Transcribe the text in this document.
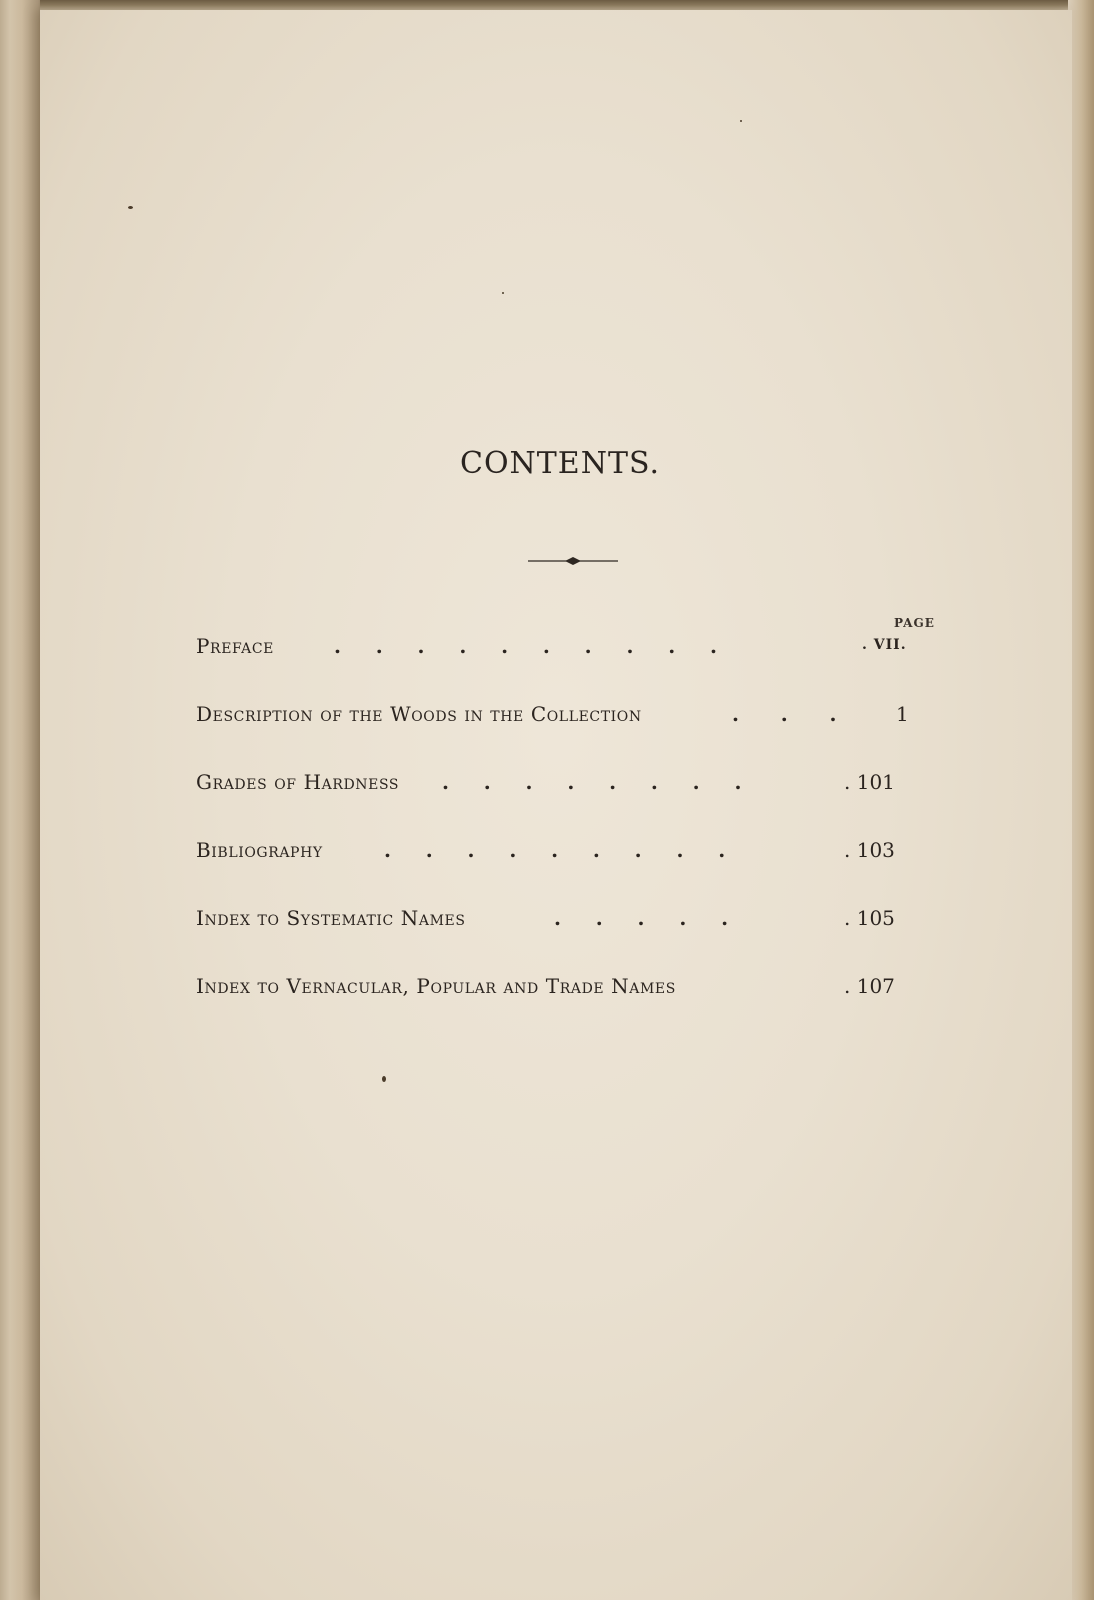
CONTENTS.
PAGE
Preface	.     .     .     .     .     .     .     .     .     .	. VII.
Description of the Woods in the Collection	.      .      .	1
Grades of Hardness .     .     .     .     .     .     .     .	. 101
Bibliography	.     .     .     .     .     .     .     .     .	. 103
Index to Systematic Names	.     .     .     .     .	. 105
Index to Vernacular, Popular and Trade Names	. 107
